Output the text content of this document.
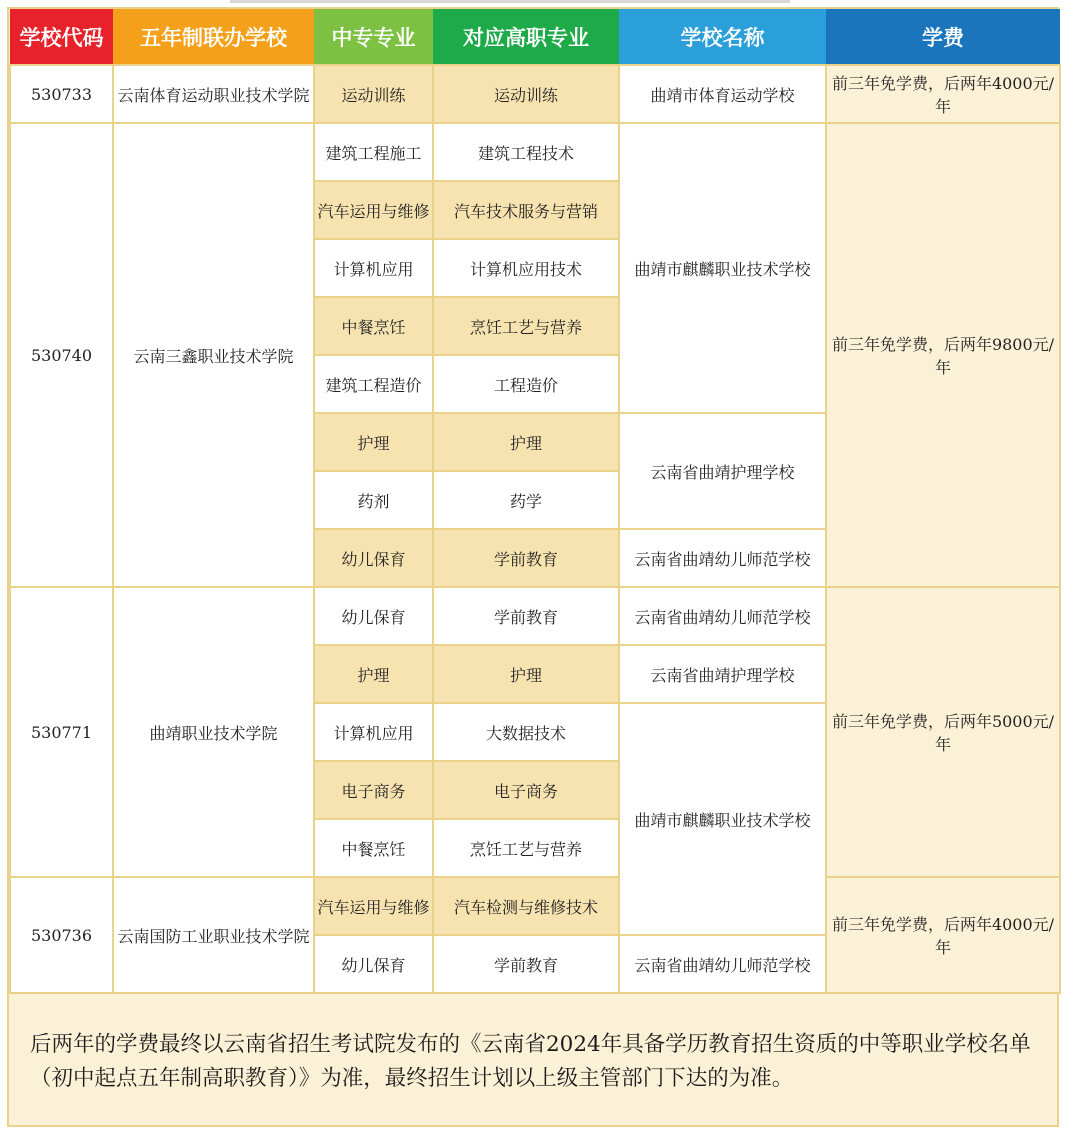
学校代码	五年制联办学校	中专专业	对应高职专业	学校名称	学费
530733	云南体育运动职业技术学院	运动训练	运动训练	曲靖市体育运动学校	前三年免学费，后两年4000元/年
530740	云南三鑫职业技术学院	建筑工程施工	建筑工程技术	曲靖市麒麟职业技术学校	前三年免学费，后两年9800元/年
		汽车运用与维修	汽车技术服务与营销		
		计算机应用	计算机应用技术		
		中餐烹饪	烹饪工艺与营养		
		建筑工程造价	工程造价		
		护理	护理	云南省曲靖护理学校	
		药剂	药学		
		幼儿保育	学前教育	云南省曲靖幼儿师范学校	
530771	曲靖职业技术学院	幼儿保育	学前教育	云南省曲靖幼儿师范学校	前三年免学费，后两年5000元/年
		护理	护理	云南省曲靖护理学校	
		计算机应用	大数据技术	曲靖市麒麟职业技术学校	
		电子商务	电子商务		
		中餐烹饪	烹饪工艺与营养		
530736	云南国防工业职业技术学院	汽车运用与维修	汽车检测与维修技术		前三年免学费，后两年4000元/年
		幼儿保育	学前教育	云南省曲靖幼儿师范学校	
后两年的学费最终以云南省招生考试院发布的《云南省2024年具备学历教育招生资质的中等职业学校名单（初中起点五年制高职教育）》为准，最终招生计划以上级主管部门下达的为准。
